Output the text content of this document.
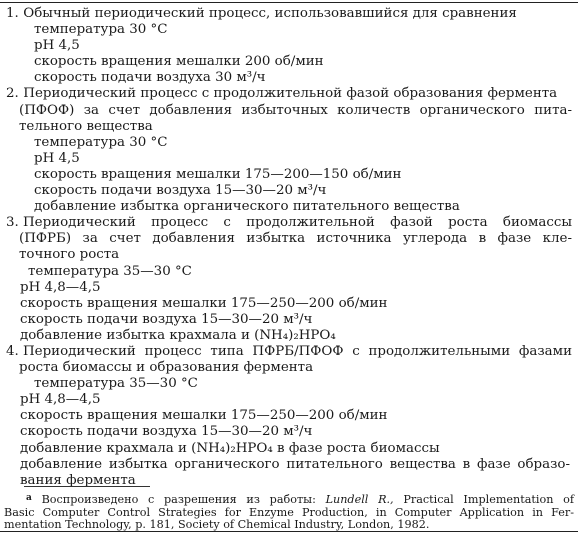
1. Обычный периодический процесс, использовавшийся для сравнения
температура 30 °C
pH 4,5
скорость вращения мешалки 200 об/мин
скорость подачи воздуха 30 м³/ч
2. Периодический процесс с продолжительной фазой образования фермента
(ПФОФ) за счет добавления избыточных количеств органического пита-
тельного вещества
температура 30 °C
pH 4,5
скорость вращения мешалки 175—200—150 об/мин
скорость подачи воздуха 15—30—20 м³/ч
добавление избытка органического питательного вещества
3. Периодический процесс с продолжительной фазой роста биомассы
(ПФРБ) за счет добавления избытка источника углерода в фазе кле-
точного роста
температура 35—30 °C
pH 4,8—4,5
скорость вращения мешалки 175—250—200 об/мин
скорость подачи воздуха 15—30—20 м³/ч
добавление избытка крахмала и (NH₄)₂HPO₄
4. Периодический процесс типа ПФРБ/ПФОФ с продолжительными фазами
роста биомассы и образования фермента
температура 35—30 °C
pH 4,8—4,5
скорость вращения мешалки 175—250—200 об/мин
скорость подачи воздуха 15—30—20 м³/ч
добавление крахмала и (NH₄)₂HPO₄ в фазе роста биомассы
добавление избытка органического питательного вещества в фазе образо-
вания фермента
$^а$ Воспроизведено с разрешения из работы: Lundell R., Practical Implementation of
Basic Computer Control Strategies for Enzyme Production, in Computer Application in Fer-
mentation Technology, p. 181, Society of Chemical Industry, London, 1982.
